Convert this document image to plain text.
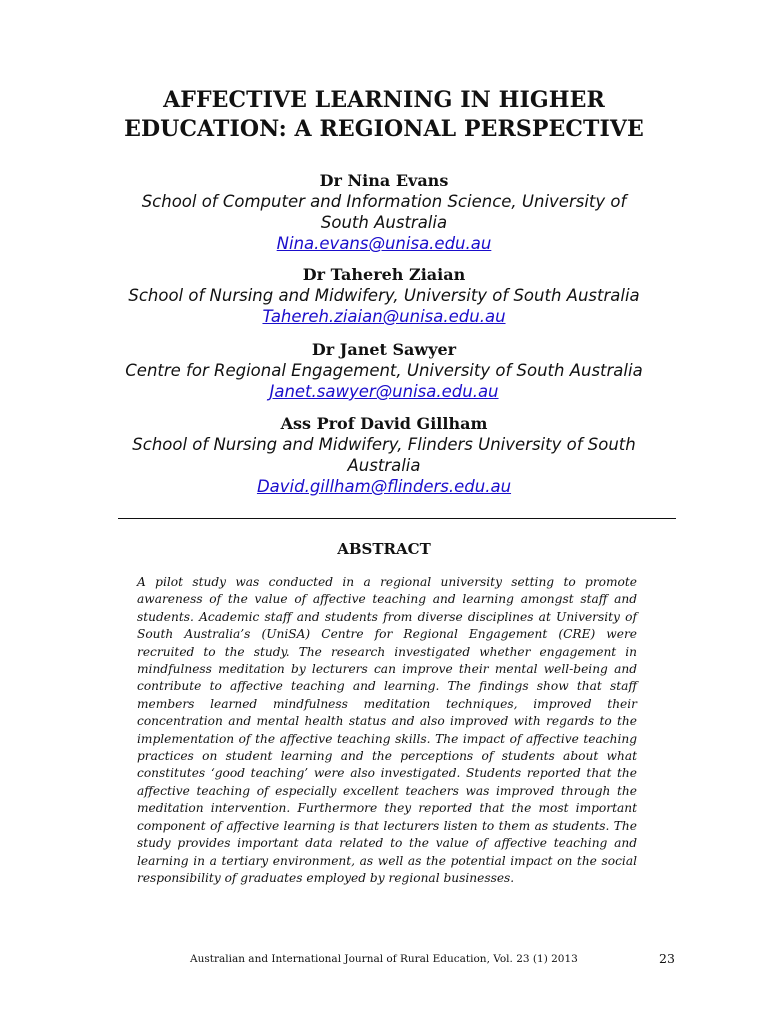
AFFECTIVE LEARNING IN HIGHER
EDUCATION: A REGIONAL PERSPECTIVE

Dr Nina Evans

School of Computer and Information Science, University of
South Australia

Nina.evans@unisa.edu.au

Dr Tahereh Ziaian

School of Nursing and Midwifery, University of South Australia

Tahereh.ziaian@unisa.edu.au

Dr Janet Sawyer

Centre for Regional Engagement, University of South Australia

Janet.sawyer@unisa.edu.au

Ass Prof David Gillham

School of Nursing and Midwifery, Flinders University of South
Australia

David.gillham@flinders.edu.au
ABSTRACT

A pilot study was conducted in a regional university setting to promote awareness of the value of affective teaching and learning amongst staff and students. Academic staff and students from diverse disciplines at University of South Australia’s (UniSA) Centre for Regional Engagement (CRE) were recruited to the study. The research investigated whether engagement in mindfulness meditation by lecturers can improve their mental well-being and contribute to affective teaching and learning. The findings show that staff members learned mindfulness meditation techniques, improved their concentration and mental health status and also improved with regards to the implementation of the affective teaching skills. The impact of affective teaching practices on student learning and the perceptions of students about what constitutes ‘good teaching’ were also investigated. Students reported that the affective teaching of especially excellent teachers was improved through the meditation intervention. Furthermore they reported that the most important component of affective learning is that lecturers listen to them as students. The study provides important data related to the value of affective teaching and learning in a tertiary environment, as well as the potential impact on the social responsibility of graduates employed by regional businesses.

Australian and International Journal of Rural Education, Vol. 23 (1) 2013	23
